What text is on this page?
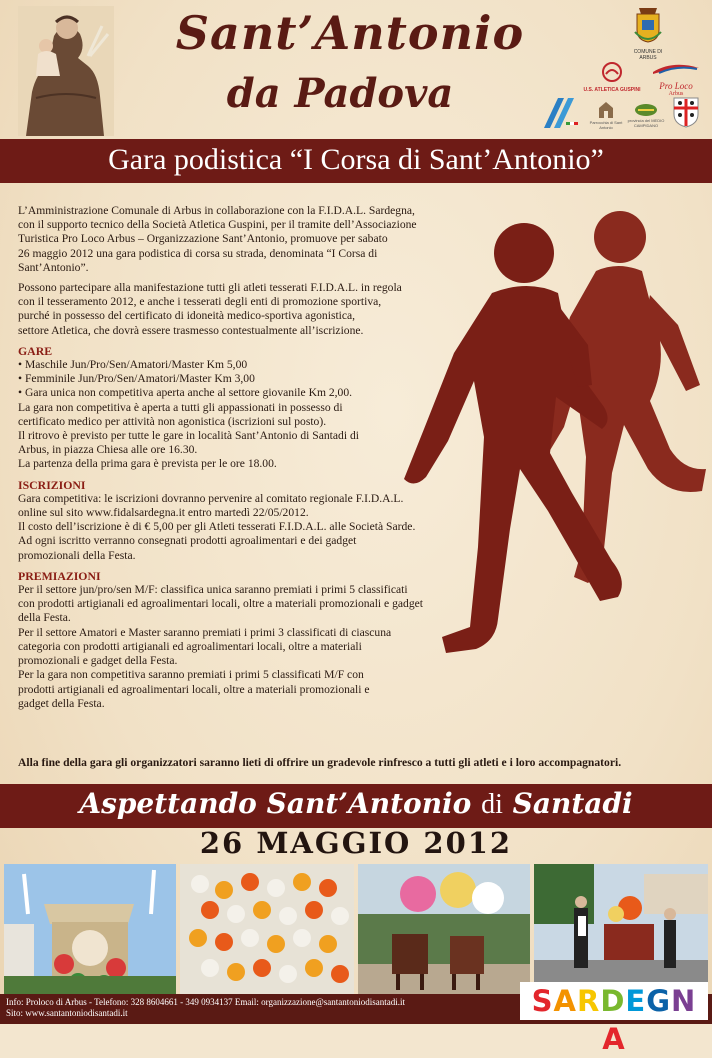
Sant’Antonio
da Padova
COMUNE DI ARBUS
U.S. ATLETICA GUSPINI	Pro Loco
Arbus
Parrocchia di Sant Antonio
provincia del MEDIO CAMPIDANO
Gara podistica “I Corsa di Sant’Antonio”

L’Amministrazione Comunale di Arbus in collaborazione con la F.I.D.A.L. Sardegna,
con il supporto tecnico della Società Atletica Guspini, per il tramite dell’Associazione
Turistica Pro Loco Arbus – Organizzazione Sant’Antonio, promuove per sabato
26 maggio 2012 una gara podistica di corsa su strada, denominata “I Corsa di
Sant’Antonio”.

Possono partecipare alla manifestazione tutti gli atleti tesserati F.I.D.A.L. in regola
con il tesseramento 2012, e anche i tesserati degli enti di promozione sportiva,
purché in possesso del certificato di idoneità medico-sportiva agonistica,
settore Atletica, che dovrà essere trasmesso contestualmente all’iscrizione.

GARE
• Maschile Jun/Pro/Sen/Amatori/Master Km 5,00
• Femminile Jun/Pro/Sen/Amatori/Master Km 3,00
• Gara unica non competitiva aperta anche al settore giovanile Km 2,00.
La gara non competitiva è aperta a tutti gli appassionati in possesso di
certificato medico per attività non agonistica (iscrizioni sul posto).
Il ritrovo è previsto per tutte le gare in località Sant’Antonio di Santadi di
Arbus, in piazza Chiesa alle ore 16.30.
La partenza della prima gara è prevista per le ore 18.00.
ISCRIZIONI
Gara competitiva: le iscrizioni dovranno pervenire al comitato regionale F.I.D.A.L.
online sul sito www.fidalsardegna.it entro martedì 22/05/2012.
Il costo dell’iscrizione è di € 5,00 per gli Atleti tesserati F.I.D.A.L. alle Società Sarde.
Ad ogni iscritto verranno consegnati prodotti agroalimentari e dei gadget
promozionali della Festa.
PREMIAZIONI
Per il settore jun/pro/sen M/F: classifica unica saranno premiati i primi 5 classificati
con prodotti artigianali ed agroalimentari locali, oltre a materiali promozionali e gadget
della Festa.
Per il settore Amatori e Master saranno premiati i primi 3 classificati di ciascuna
categoria con prodotti artigianali ed agroalimentari locali, oltre a materiali
promozionali e gadget della Festa.
Per la gara non competitiva saranno premiati i primi 5 classificati M/F con
prodotti artigianali ed agroalimentari locali, oltre a materiali promozionali e
gadget della Festa.
Alla fine della gara gli organizzatori saranno lieti di offrire un gradevole rinfresco a tutti gli atleti e i loro accompagnatori.
Aspettando Sant’Antonio di Santadi
26 MAGGIO 2012
Info: Proloco di Arbus - Telefono: 328 8604661 - 349 0934137 Email: organizzazione@santantoniodisantadi.it
Sito: www.santantoniodisantadi.it	SARDEGNA
